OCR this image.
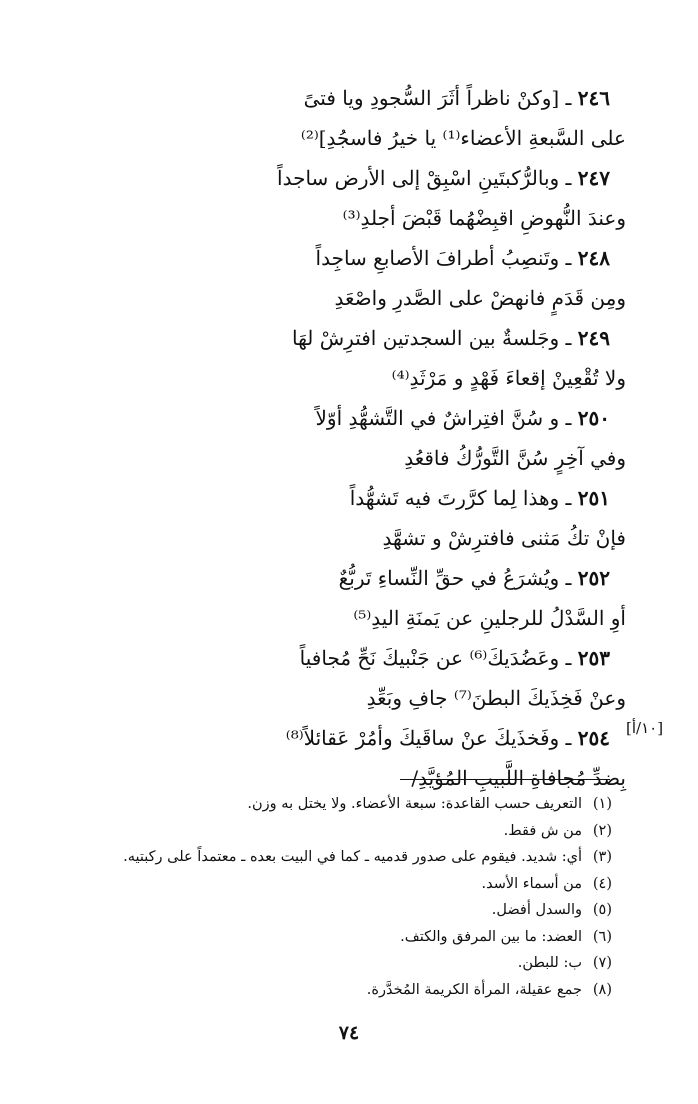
٢٤٦ ـ [وكنْ ناظراً أثَرَ السُّجودِ ويا فتىً
على السَّبعةِ الأعضاء⁽¹⁾ يا خيرُ فاسجُدِ]⁽²⁾
٢٤٧ ـ وبالرُّكبتَينِ اسْبِقْ إلى الأرض ساجداً
وعندَ النُّهوضِ اقبِضْهُما قَبْضَ أجلدِ⁽³⁾
٢٤٨ ـ وتَنصِبُ أطرافَ الأصابعِ ساجِداً
ومِن قَدَمٍ فانهضْ على الصَّدرِ واصْعَدِ
٢٤٩ ـ وجَلسةٌ بين السجدتين افترِشْ لهَا
ولا تُقْعِينْ إقعاءَ فَهْدٍ و مَرْثَدِ⁽⁴⁾
٢٥٠ ـ و سُنَّ افتِراشٌ في التَّشهُّدِ أوّلاً
وفي آخِرٍ سُنَّ التَّورُّكُ فاقعُدِ
٢٥١ ـ وهذا لِما كرَّرتَ فيه تَشهُّداً
فإنْ تكُ مَثنى فافترِشْ و تشهَّدِ
٢٥٢ ـ ويُشرَعُ في حقِّ النِّساءِ تَربُّعٌ
أوِ السَّدْلُ للرجلينِ عن يَمنَةِ اليدِ⁽⁵⁾
٢٥٣ ـ وعَضُدَيكَ⁽⁶⁾ عن جَنْبيكَ نَحِّ مُجافياً
وعنْ فَخِذَيكَ البطنَ⁽⁷⁾ جافِ وبَعِّدِ
٢٥٤ ـ وفَخذَيكَ عنْ ساقَيكَ وأمُرْ عَقائلاً⁽⁸⁾
بِضدِّ مُجافاةِ اللَّبيبِ المُؤيَّدِ/
[١٠/أ]
(١)التعريف حسب القاعدة: سبعة الأعضاء. ولا يختل به وزن.
(٢)من ش فقط.
(٣)أي: شديد. فيقوم على صدور قدميه ـ كما في البيت بعده ـ معتمداً على ركبتيه.
(٤)من أسماء الأسد.
(٥)والسدل أفضل.
(٦)العضد: ما بين المرفق والكتف.
(٧)ب: للبطن.
(٨)جمع عقيلة، المرأة الكريمة المُخدَّرة.
٧٤
